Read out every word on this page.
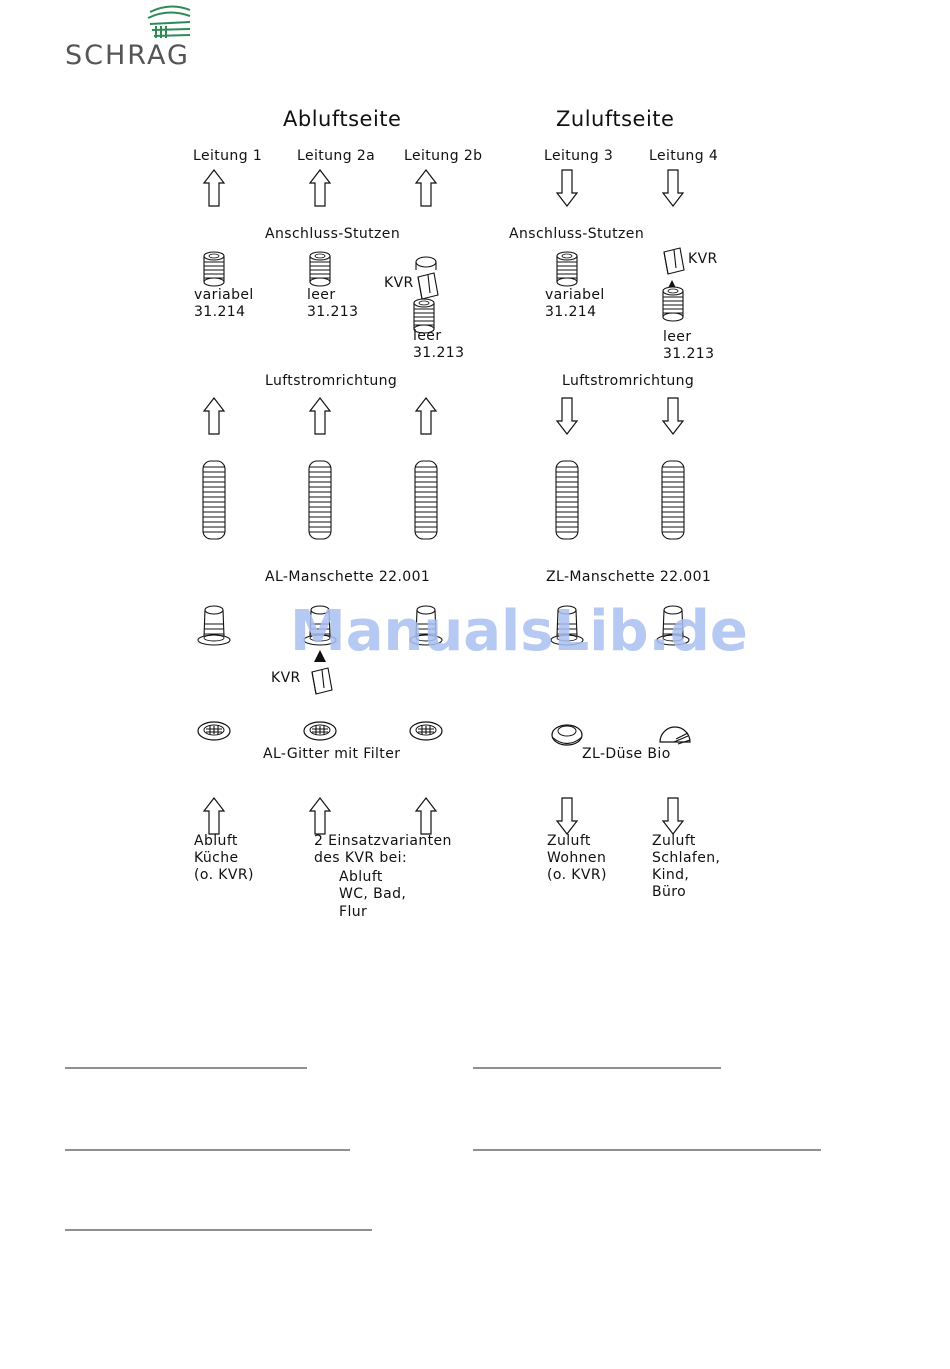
SCHRAG
Abluftseite	Zuluftseite
Leitung 1 Leitung 2a Leitung 2b	Leitung 3	Leitung 4
Anschluss-Stutzen	Anschluss-Stutzen
variabel
31.214
leer
31.213
KVR
leer
31.213
variabel
31.214
KVR
leer
31.213
Luftstromrichtung	Luftstromrichtung
AL-Manschette 22.001	ZL-Manschette 22.001
KVR
AL-Gitter mit Filter	ZL-Düse Bio
Abluft
Küche
(o. KVR)
2 Einsatzvarianten
des KVR bei:
Abluft
WC, Bad,
Flur
Zuluft
Wohnen
(o. KVR)
Zuluft
Schlafen,
Kind,
Büro
ManualsLib.de
